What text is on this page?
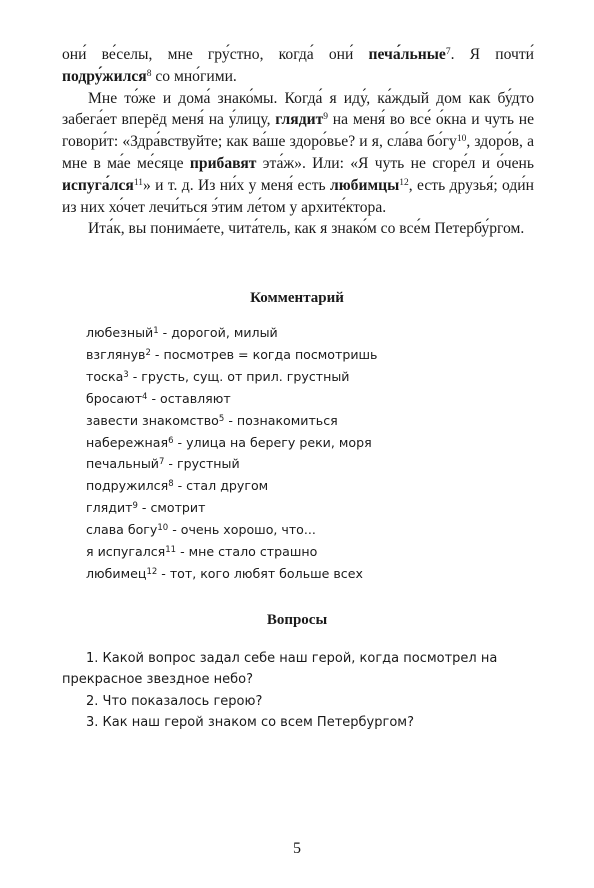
они́ ве́селы, мне гру́стно, когда́ они́ печа́льные$^7$. Я почти́ подру́жился$^8$ со мно́гими.

Мне то́же и дома́ знако́мы. Когда́ я иду́, ка́ждый дом как бу́дто забега́ет вперёд меня́ на у́лицу, глядит$^9$ на меня́ во все́ о́кна и чуть не говори́т: «Здра́вствуйте; как ва́ше здоро́вье? и я, сла́ва $бо́гу^{10}$, здоро́в, а мне в ма́е ме́сяце прибавят эта́ж». Или: «Я чуть не сгоре́л и о́чень испуга́лся$^{11}$» и т. д. Из ни́х у меня́ есть любимцы$^{12}$, есть друзья́; оди́н из них хо́чет лечи́ться э́тим ле́том у архите́ктора.

Ита́к, вы понима́ете, чита́тель, как я знако́м со все́м Петербу́ргом.

Комментарий
любезный$^1$ - дорогой, милый
взглянув$^2$ - посмотрев = когда посмотришь
тоска$^3$ - грусть, сущ. от прил. грустный
бросают$^4$ - оставляют
завести знакомство$^5$ - познакомиться
набережная$^6$ - улица на берегу реки, моря
печальный$^7$ - грустный
подружился$^8$ - стал другом
глядит$^9$ - смотрит
слава богу$^{10}$ - очень хорошо, что...
я испугался$^{11}$ - мне стало страшно
любимец$^{12}$ - тот, кого любят больше всех
Вопросы

1. Какой вопрос задал себе наш герой, когда посмотрел на прекрасное звездное небо?

2. Что показалось герою?

3. Как наш герой знаком со всем Петербургом?

5
